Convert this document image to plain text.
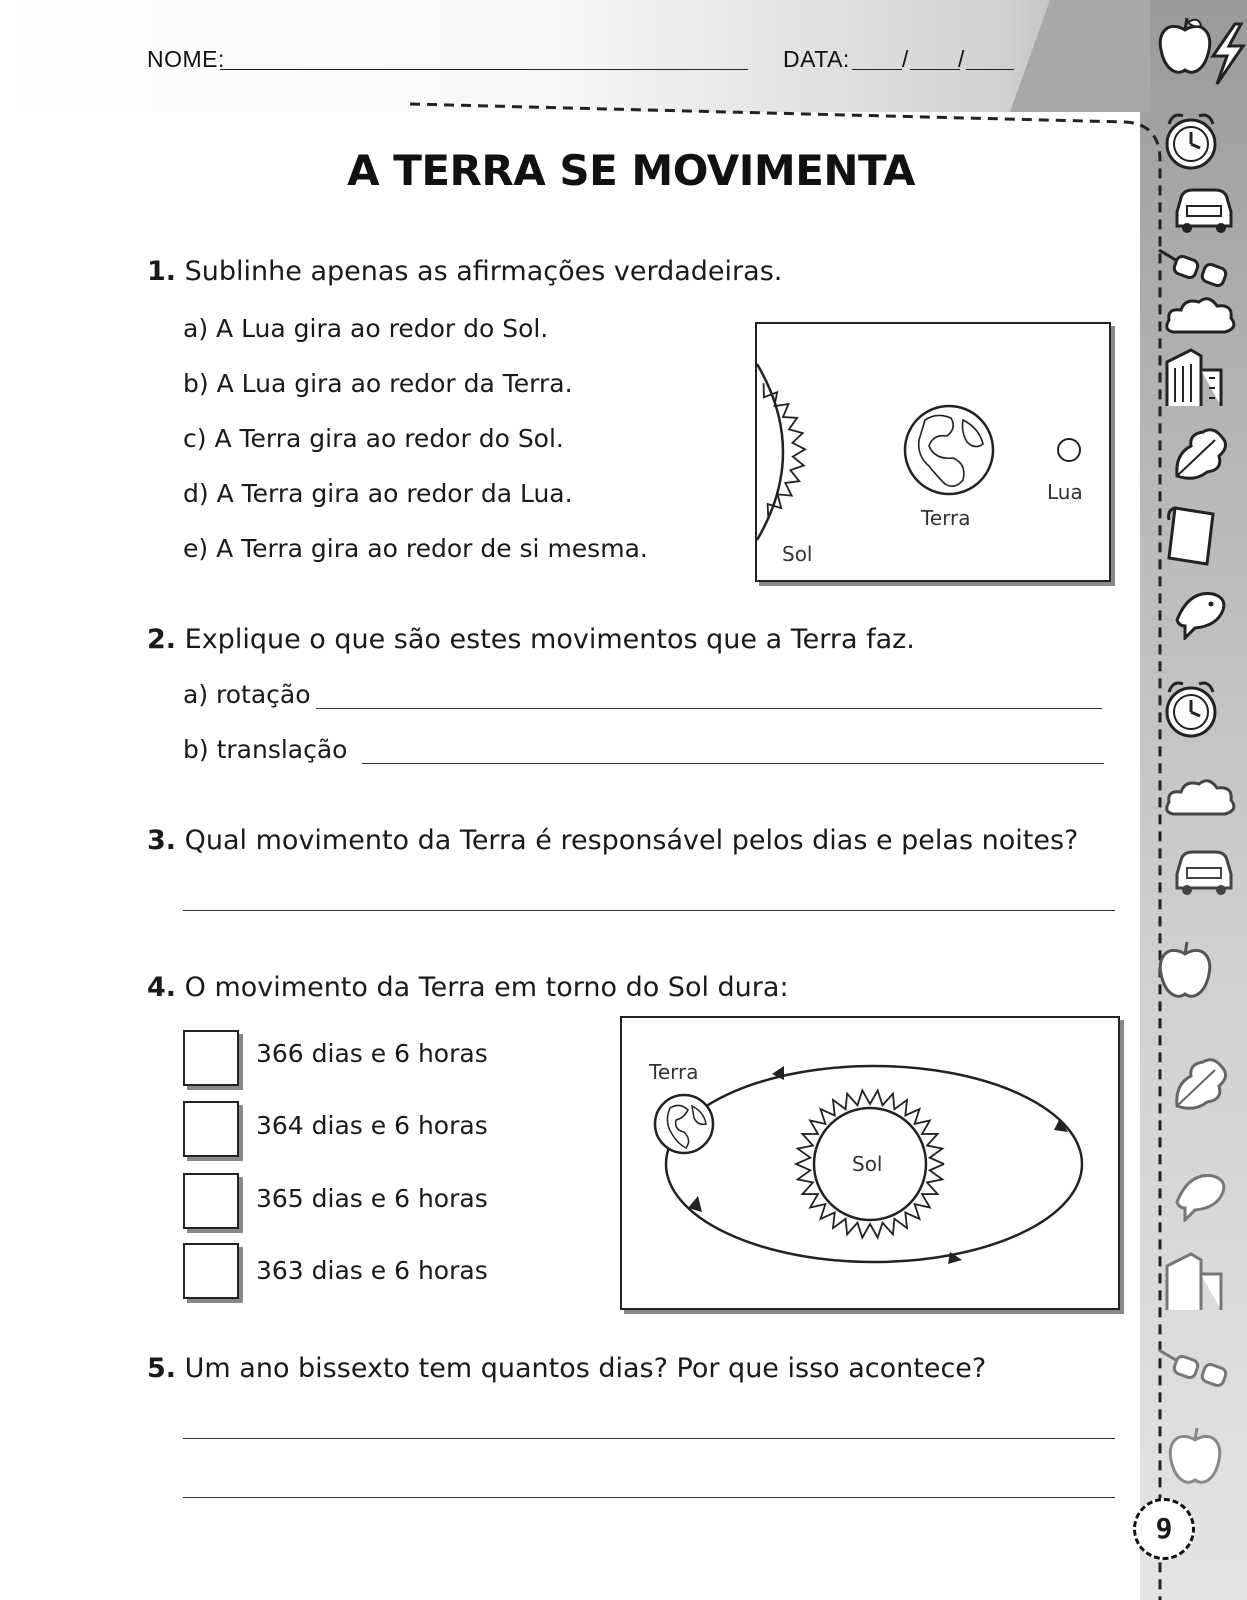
NOME:	DATA: / /
A TERRA SE MOVIMENTA
1. Sublinhe apenas as afirmações verdadeiras.
a) A Lua gira ao redor do Sol.
b) A Lua gira ao redor da Terra.
c) A Terra gira ao redor do Sol.
d) A Terra gira ao redor da Lua.
e) A Terra gira ao redor de si mesma.	Sol
Terra
Lua
2. Explique o que são estes movimentos que a Terra faz.
a) rotação
b) translação
3. Qual movimento da Terra é responsável pelos dias e pelas noites?
4. O movimento da Terra em torno do Sol dura:
366 dias e 6 horas
364 dias e 6 horas
365 dias e 6 horas
363 dias e 6 horas
Terra
Sol
5. Um ano bissexto tem quantos dias? Por que isso acontece?
9
